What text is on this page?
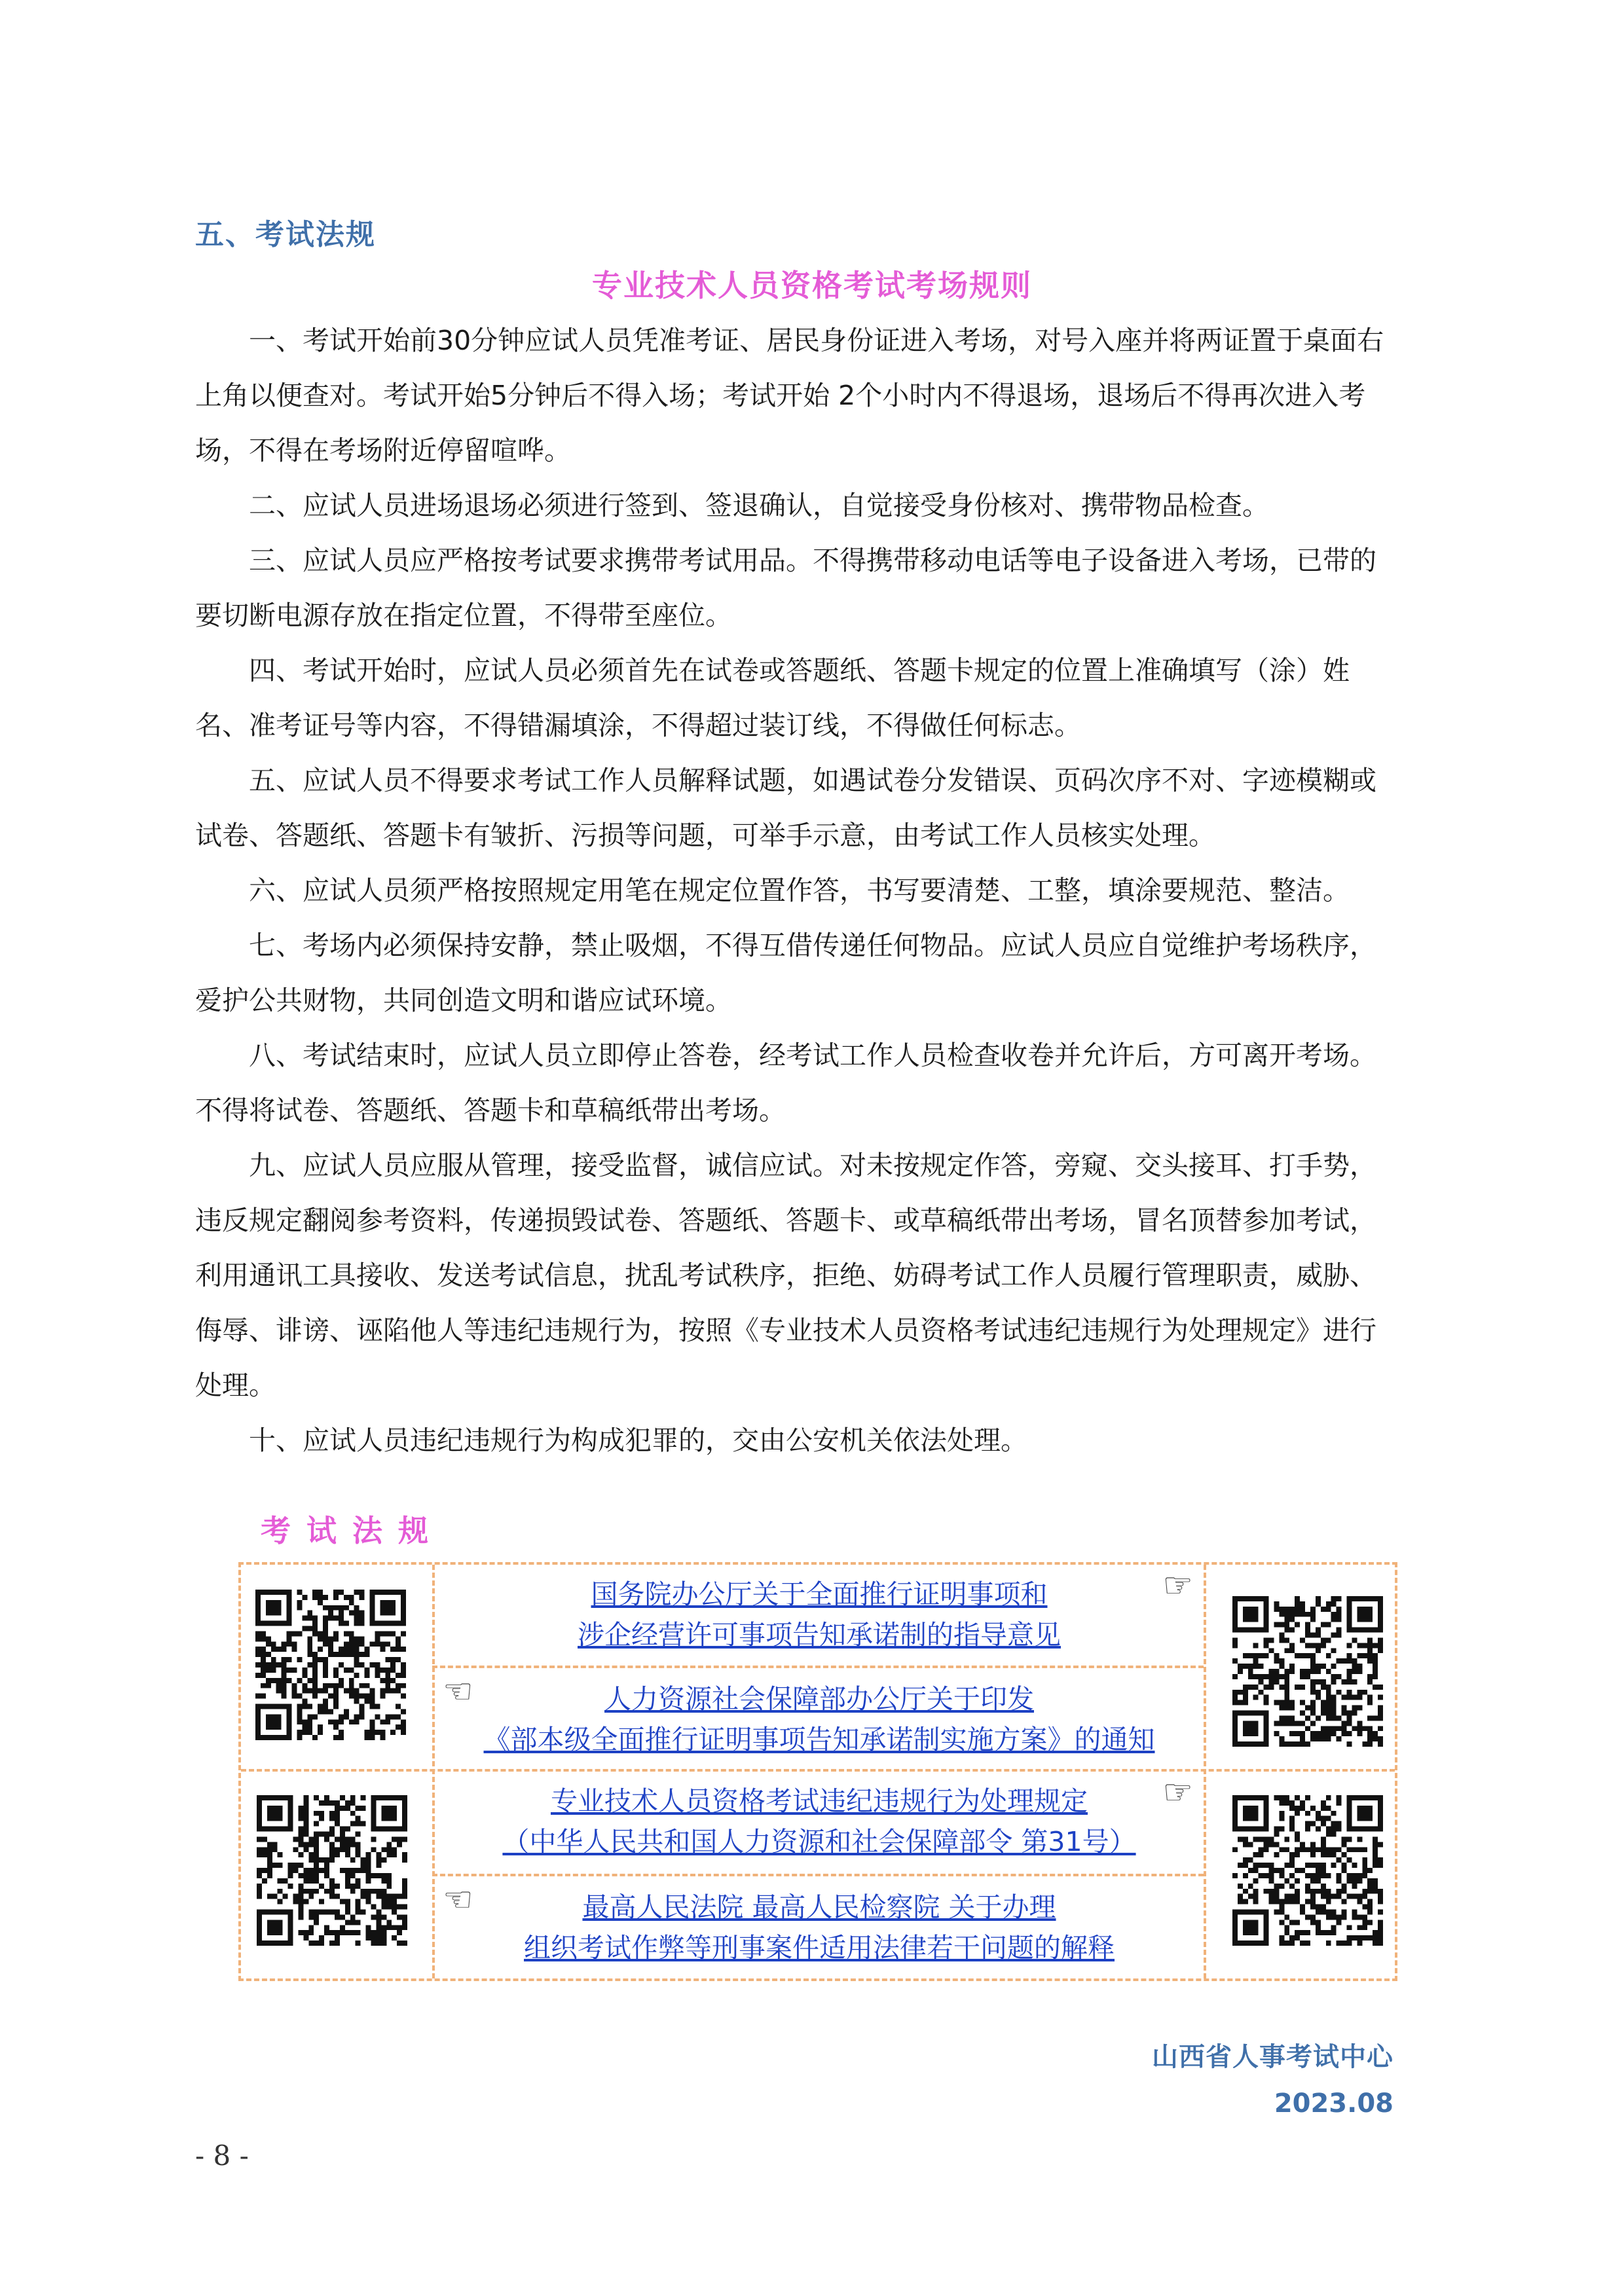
五、考试法规
专业技术人员资格考试考场规则

一、考试开始前30分钟应试人员凭准考证、居民身份证进入考场，对号入座并将两证置于桌面右上角以便查对。考试开始5分钟后不得入场；考试开始 2个小时内不得退场，退场后不得再次进入考场，不得在考场附近停留喧哗。

二、应试人员进场退场必须进行签到、签退确认，自觉接受身份核对、携带物品检查。

三、应试人员应严格按考试要求携带考试用品。不得携带移动电话等电子设备进入考场，已带的要切断电源存放在指定位置，不得带至座位。

四、考试开始时，应试人员必须首先在试卷或答题纸、答题卡规定的位置上准确填写（涂）姓名、准考证号等内容，不得错漏填涂，不得超过装订线，不得做任何标志。

五、应试人员不得要求考试工作人员解释试题，如遇试卷分发错误、页码次序不对、字迹模糊或试卷、答题纸、答题卡有皱折、污损等问题，可举手示意，由考试工作人员核实处理。

六、应试人员须严格按照规定用笔在规定位置作答，书写要清楚、工整，填涂要规范、整洁。

七、考场内必须保持安静，禁止吸烟，不得互借传递任何物品。应试人员应自觉维护考场秩序，爱护公共财物，共同创造文明和谐应试环境。

八、考试结束时，应试人员立即停止答卷，经考试工作人员检查收卷并允许后，方可离开考场。不得将试卷、答题纸、答题卡和草稿纸带出考场。

九、应试人员应服从管理，接受监督，诚信应试。对未按规定作答，旁窥、交头接耳、打手势，违反规定翻阅参考资料，传递损毁试卷、答题纸、答题卡、或草稿纸带出考场，冒名顶替参加考试，利用通讯工具接收、发送考试信息，扰乱考试秩序，拒绝、妨碍考试工作人员履行管理职责，威胁、侮辱、诽谤、诬陷他人等违纪违规行为，按照《专业技术人员资格考试违纪违规行为处理规定》进行处理。

十、应试人员违纪违规行为构成犯罪的，交由公安机关依法处理。

考试法规
国务院办公厅关于全面推行证明事项和
涉企经营许可事项告知承诺制的指导意见
☞
☜	人力资源社会保障部办公厅关于印发
《部本级全面推行证明事项告知承诺制实施方案》的通知
专业技术人员资格考试违纪违规行为处理规定
（中华人民共和国人力资源和社会保障部令 第31号）
☞
☜	最高人民法院 最高人民检察院 关于办理
组织考试作弊等刑事案件适用法律若干问题的解释
山西省人事考试中心
2023.08
- 8 -
